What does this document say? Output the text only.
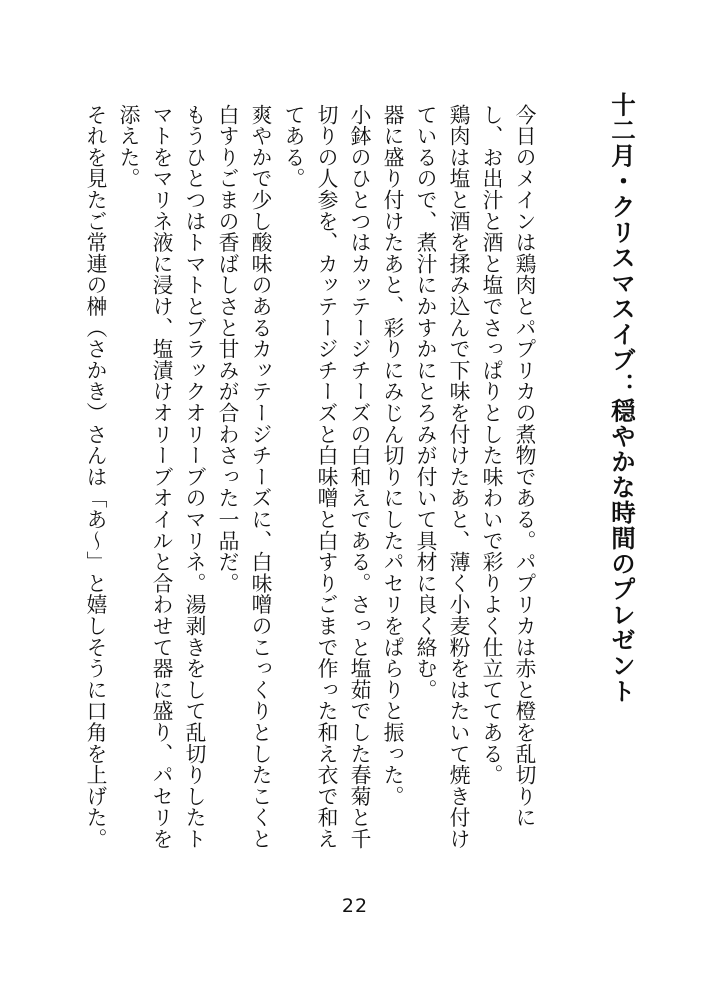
十二月・クリスマスイブ：穏やかな時間のプレゼント

今日のメインは鶏肉とパプリカの煮物である。パプリカは赤と橙を乱切りにし、お出汁と酒と塩でさっぱりとした味わいで彩りよく仕立ててある。

鶏肉は塩と酒を揉み込んで下味を付けたあと、薄く小麦粉をはたいて焼き付けているので、煮汁にかすかにとろみが付いて具材に良く絡む。

器に盛り付けたあと、彩りにみじん切りにしたパセリをぱらりと振った。

小鉢のひとつはカッテージチーズの白和えである。さっと塩茹でした春菊と千切りの人参を、カッテージチーズと白味噌と白すりごまで作った和え衣で和えてある。

爽やかで少し酸味のあるカッテージチーズに、白味噌のこっくりとしたこくと白すりごまの香ばしさと甘みが合わさった一品だ。

もうひとつはトマトとブラックオリーブのマリネ。湯剥きをして乱切りしたトマトをマリネ液に浸け、塩漬けオリーブオイルと合わせて器に盛り、パセリを添えた。

それを見たご常連の榊（さかき）さんは「あ〜」と嬉しそうに口角を上げた。

22
